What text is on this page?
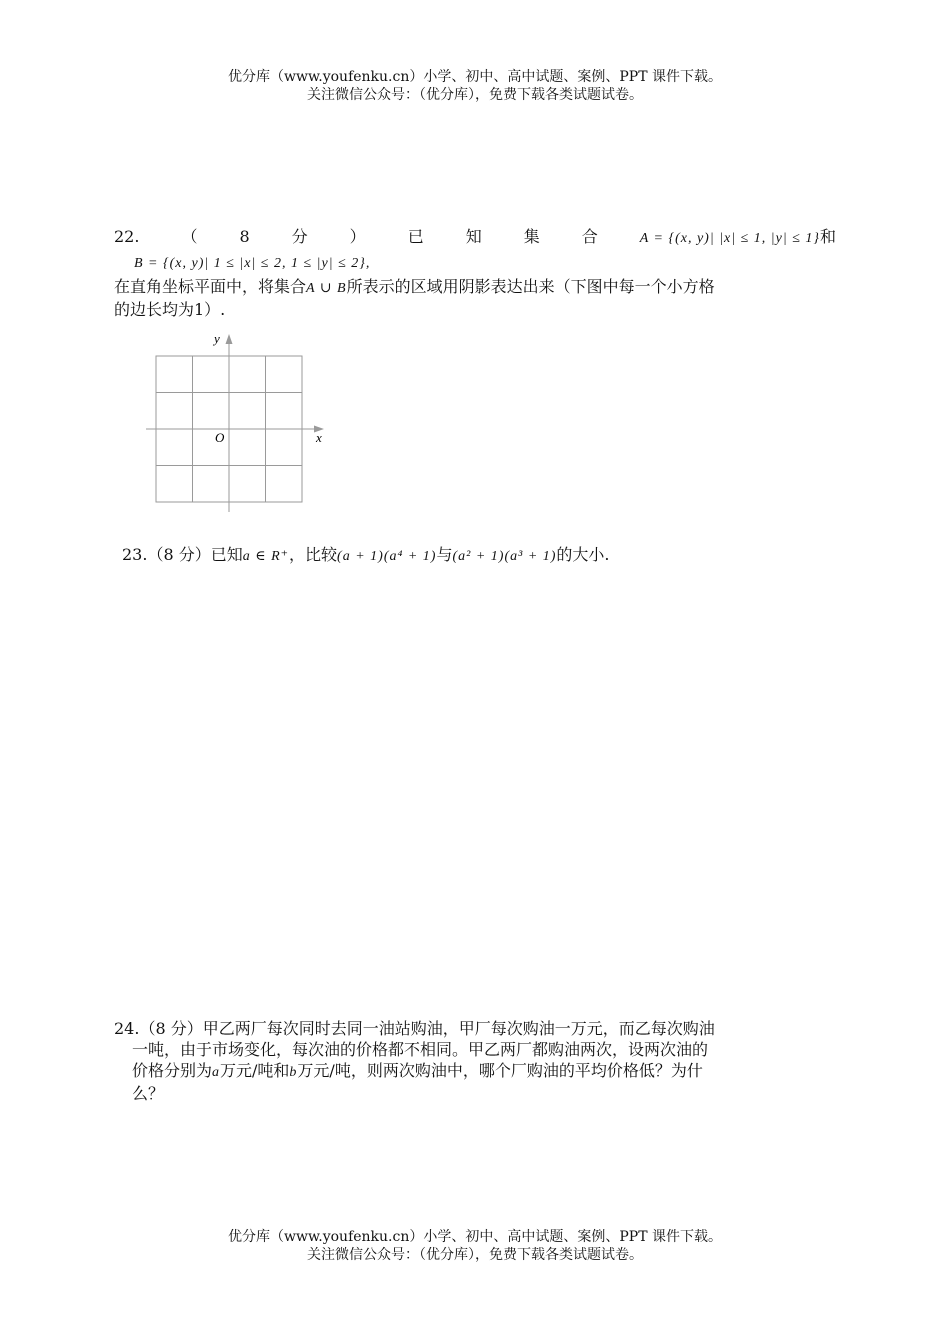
优分库（www.youfenku.cn）小学、初中、高中试题、案例、PPT 课件下载。
关注微信公众号：（优分库），免费下载各类试题试卷。
22.	（	8	分	）	已	知	集	合	A = {(x, y)| |x| ≤ 1, |y| ≤ 1}和
B = {(x, y)| 1 ≤ |x| ≤ 2, 1 ≤ |y| ≤ 2},
在直角坐标平面中，将集合A ∪ B所表示的区域用阴影表达出来（下图中每一个小方格
的边长均为1）.
y
x
O
23.（8 分）已知a ∈ R⁺，比较(a + 1)(a⁴ + 1)与(a² + 1)(a³ + 1)的大小.
24.（8 分）甲乙两厂每次同时去同一油站购油，甲厂每次购油一万元，而乙每次购油
一吨，由于市场变化，每次油的价格都不相同。甲乙两厂都购油两次，设两次油的
价格分别为a万元/吨和b万元/吨，则两次购油中，哪个厂购油的平均价格低？为什
么？
优分库（www.youfenku.cn）小学、初中、高中试题、案例、PPT 课件下载。
关注微信公众号：（优分库），免费下载各类试题试卷。
